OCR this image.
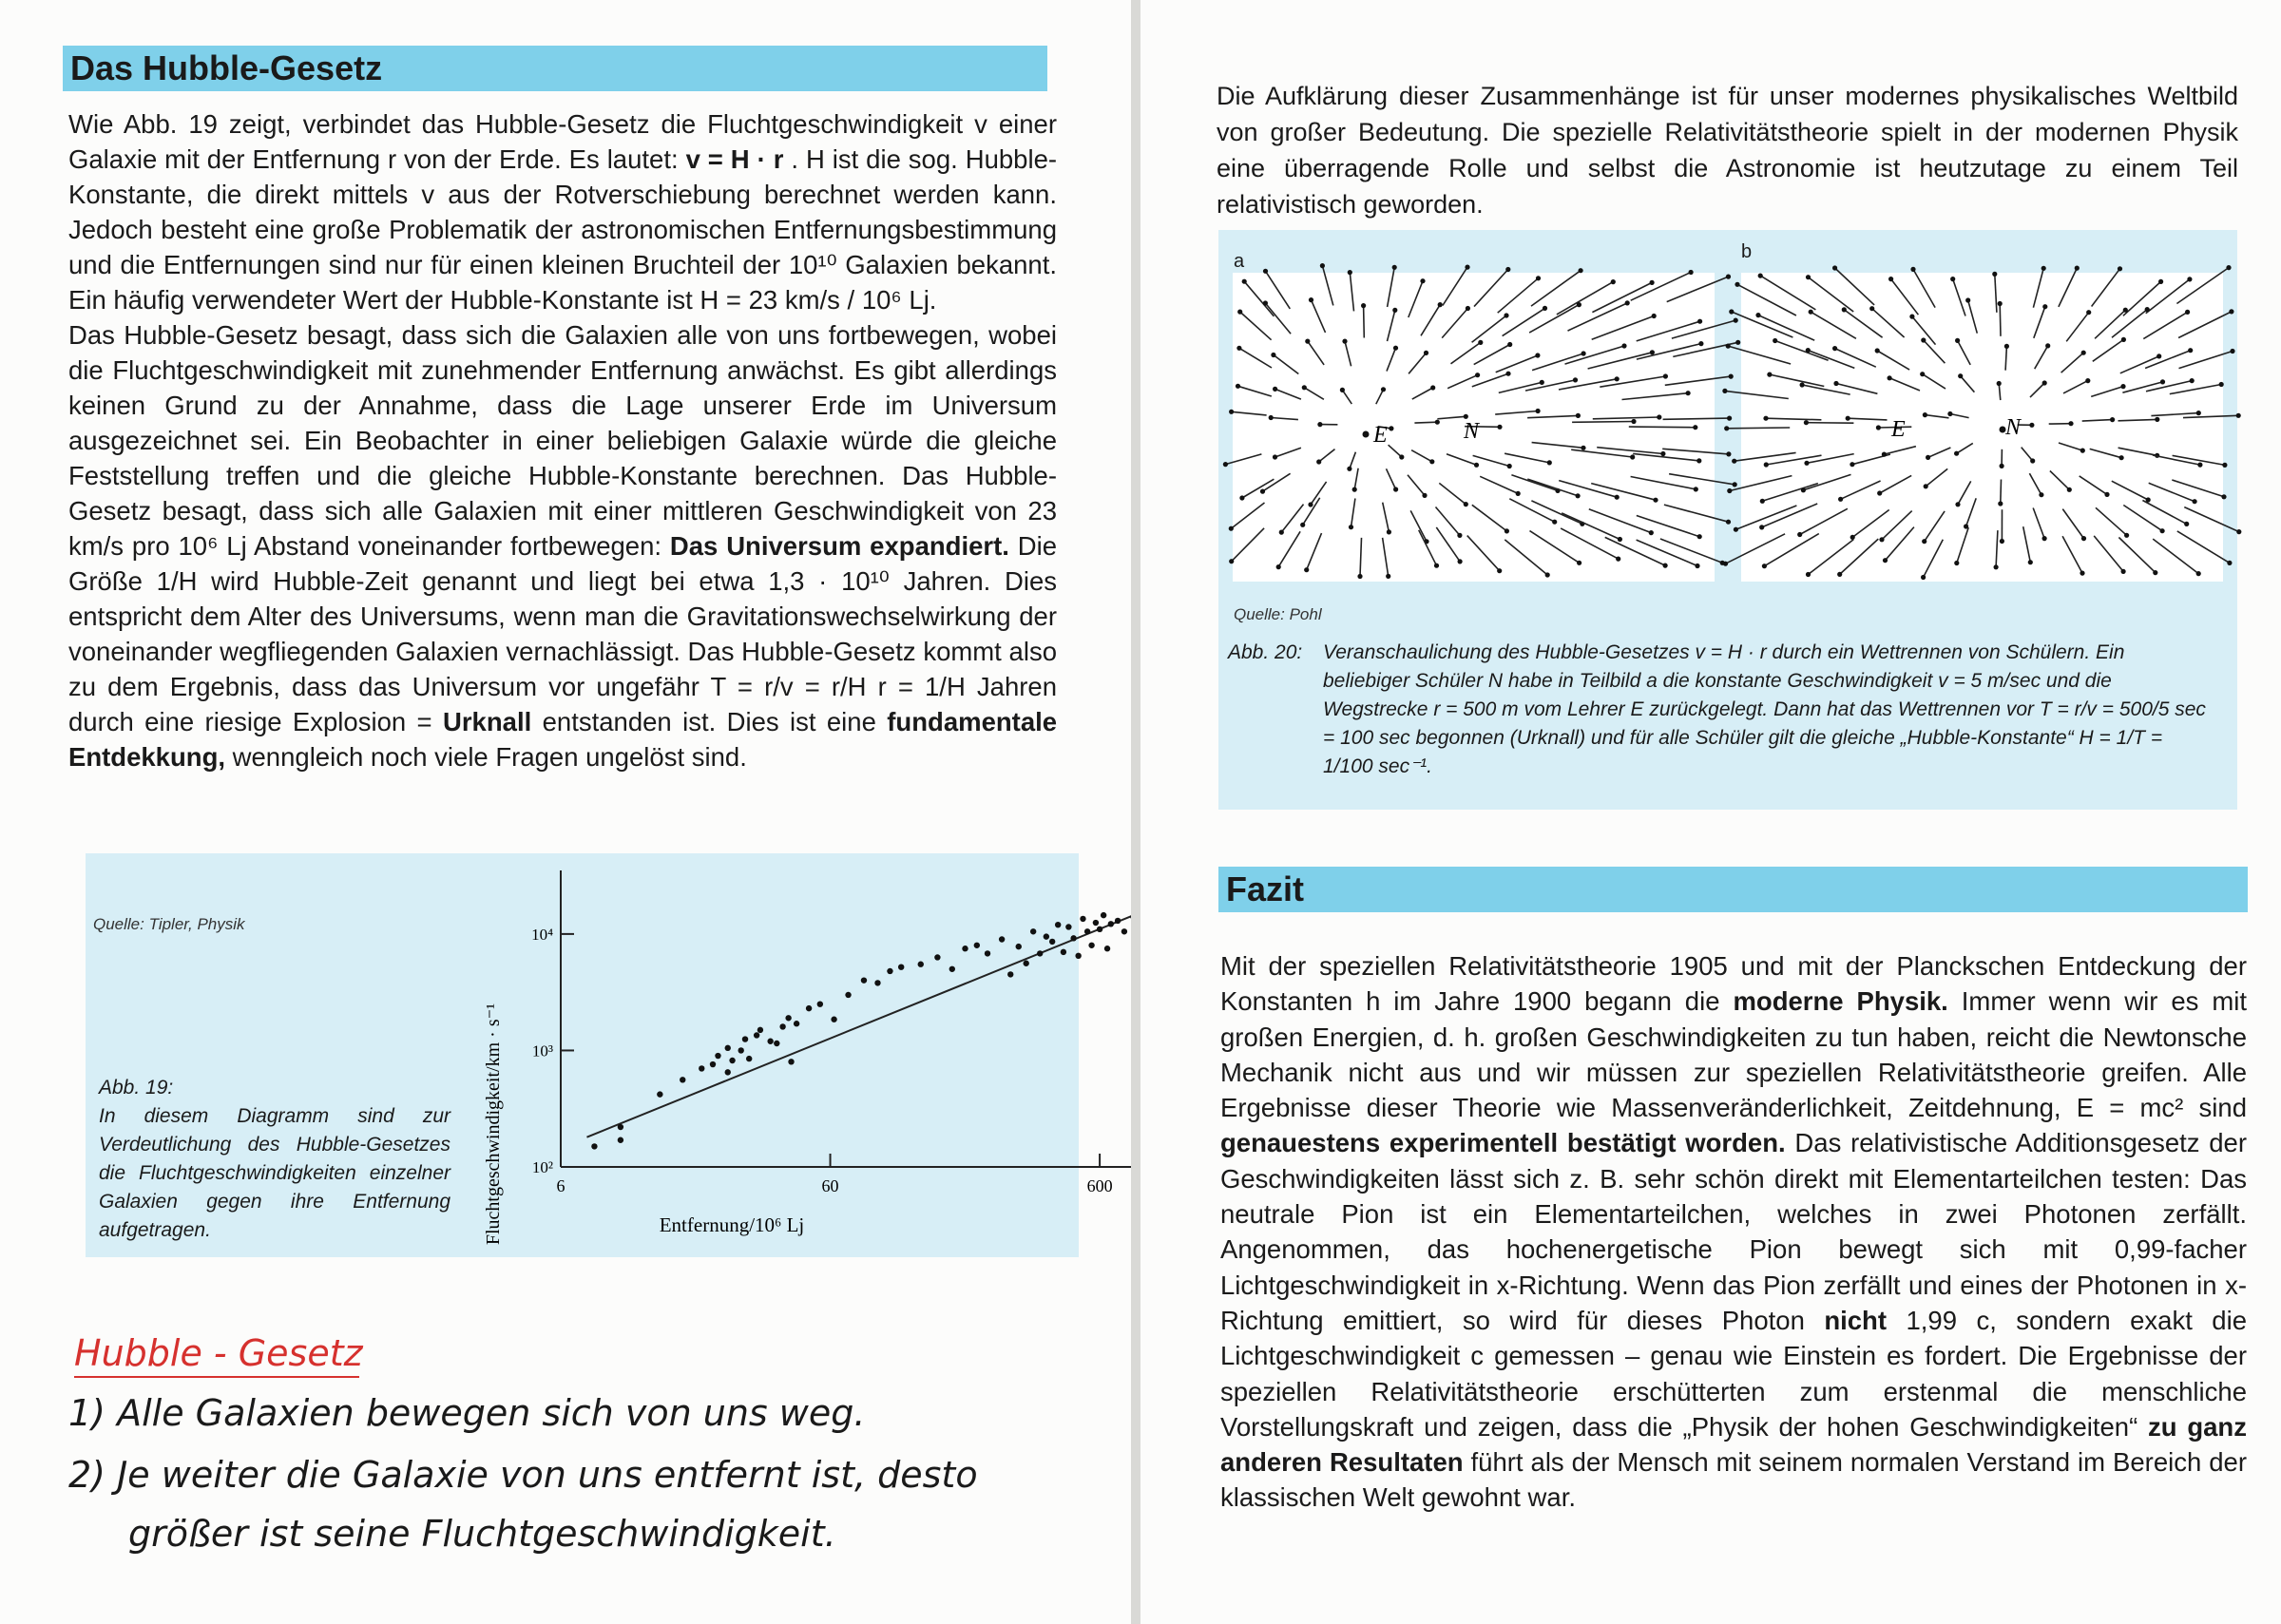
Das Hubble-Gesetz

Wie Abb. 19 zeigt, verbindet das Hubble-Gesetz die Fluchtgeschwindigkeit v einer Galaxie mit der Entfernung r von der Erde. Es lautet: v = H · r . H ist die sog. Hubble-Konstante, die direkt mittels v aus der Rotverschiebung berechnet werden kann. Jedoch besteht eine große Problematik der astronomischen Entfernungsbestimmung und die Entfernungen sind nur für einen kleinen Bruchteil der 10¹⁰ Galaxien bekannt. Ein häufig verwendeter Wert der Hubble-Konstante ist H = 23 km/s / 10⁶ Lj.

Das Hubble-Gesetz besagt, dass sich die Galaxien alle von uns fortbewegen, wobei die Fluchtgeschwindigkeit mit zunehmender Entfernung anwächst. Es gibt allerdings keinen Grund zu der Annahme, dass die Lage unserer Erde im Universum ausgezeichnet sei. Ein Beobachter in einer beliebigen Galaxie würde die gleiche Feststellung treffen und die gleiche Hubble-Konstante berechnen. Das Hubble-Gesetz besagt, dass sich alle Galaxien mit einer mittleren Geschwindigkeit von 23 km/s pro 10⁶ Lj Abstand voneinander fortbewegen: Das Universum expandiert. Die Größe 1/H wird Hubble-Zeit genannt und liegt bei etwa 1,3 · 10¹⁰ Jahren. Dies entspricht dem Alter des Universums, wenn man die Gravitationswechselwirkung der voneinander wegfliegenden Galaxien vernachlässigt. Das Hubble-Gesetz kommt also zu dem Ergebnis, dass das Universum vor ungefähr T = r/v = r/H r = 1/H Jahren durch eine riesige Explosion = Urknall entstanden ist. Dies ist eine fundamentale Entdekkung, wenngleich noch viele Fragen ungelöst sind.

Quelle: Tipler, Physik
Abb. 19:
In diesem Diagramm sind zur Verdeutlichung des Hubble-Gesetzes die Fluchtgeschwindigkeiten einzelner Galaxien gegen ihre Entfernung aufgetragen.
10²
10³
10⁴
6	60	600
Fluchtgeschwindigkeit/km · s⁻¹	Entfernung/10⁶ Lj
Hubble - Gesetz
1) Alle Galaxien bewegen sich von uns weg.
2) Je weiter die Galaxie von uns entfernt ist, desto
größer ist seine Fluchtgeschwindigkeit.
Die Aufklärung dieser Zusammenhänge ist für unser modernes physikalisches Weltbild von großer Bedeutung. Die spezielle Relativitätstheorie spielt in der modernen Physik eine überragende Rolle und selbst die Astronomie ist heutzutage zu einem Teil relativistisch geworden.
a	b
E	N	E	N
Quelle: Pohl
Abb. 20: Veranschaulichung des Hubble-Gesetzes v = H · r durch ein Wettrennen von Schülern. Ein beliebiger Schüler N habe in Teilbild a die konstante Geschwindigkeit v = 5 m/sec und die Wegstrecke r = 500 m vom Lehrer E zurückgelegt. Dann hat das Wettrennen vor T = r/v = 500/5 sec = 100 sec begonnen (Urknall) und für alle Schüler gilt die gleiche „Hubble-Konstante“ H = 1/T = 1/100 sec⁻¹.
Fazit

Mit der speziellen Relativitätstheorie 1905 und mit der Planckschen Entdeckung der Konstanten h im Jahre 1900 begann die moderne Physik. Immer wenn wir es mit großen Energien, d. h. großen Geschwindigkeiten zu tun haben, reicht die Newtonsche Mechanik nicht aus und wir müssen zur speziellen Relativitätstheorie greifen. Alle Ergebnisse dieser Theorie wie Massenveränderlichkeit, Zeitdehnung, E = mc² sind genauestens experimentell bestätigt worden. Das relativistische Additionsgesetz der Geschwindigkeiten lässt sich z. B. sehr schön direkt mit Elementarteilchen testen: Das neutrale Pion ist ein Elementarteilchen, welches in zwei Photonen zerfällt. Angenommen, das hochenergetische Pion bewegt sich mit 0,99-facher Lichtgeschwindigkeit in x-Richtung. Wenn das Pion zerfällt und eines der Photonen in x-Richtung emittiert, so wird für dieses Photon nicht 1,99 c, sondern exakt die Lichtgeschwindigkeit c gemessen – genau wie Einstein es fordert. Die Ergebnisse der speziellen Relativitätstheorie erschütterten zum erstenmal die menschliche Vorstellungskraft und zeigen, dass die „Physik der hohen Geschwindigkeiten“ zu ganz anderen Resultaten führt als der Mensch mit seinem normalen Verstand im Bereich der klassischen Welt gewohnt war.
